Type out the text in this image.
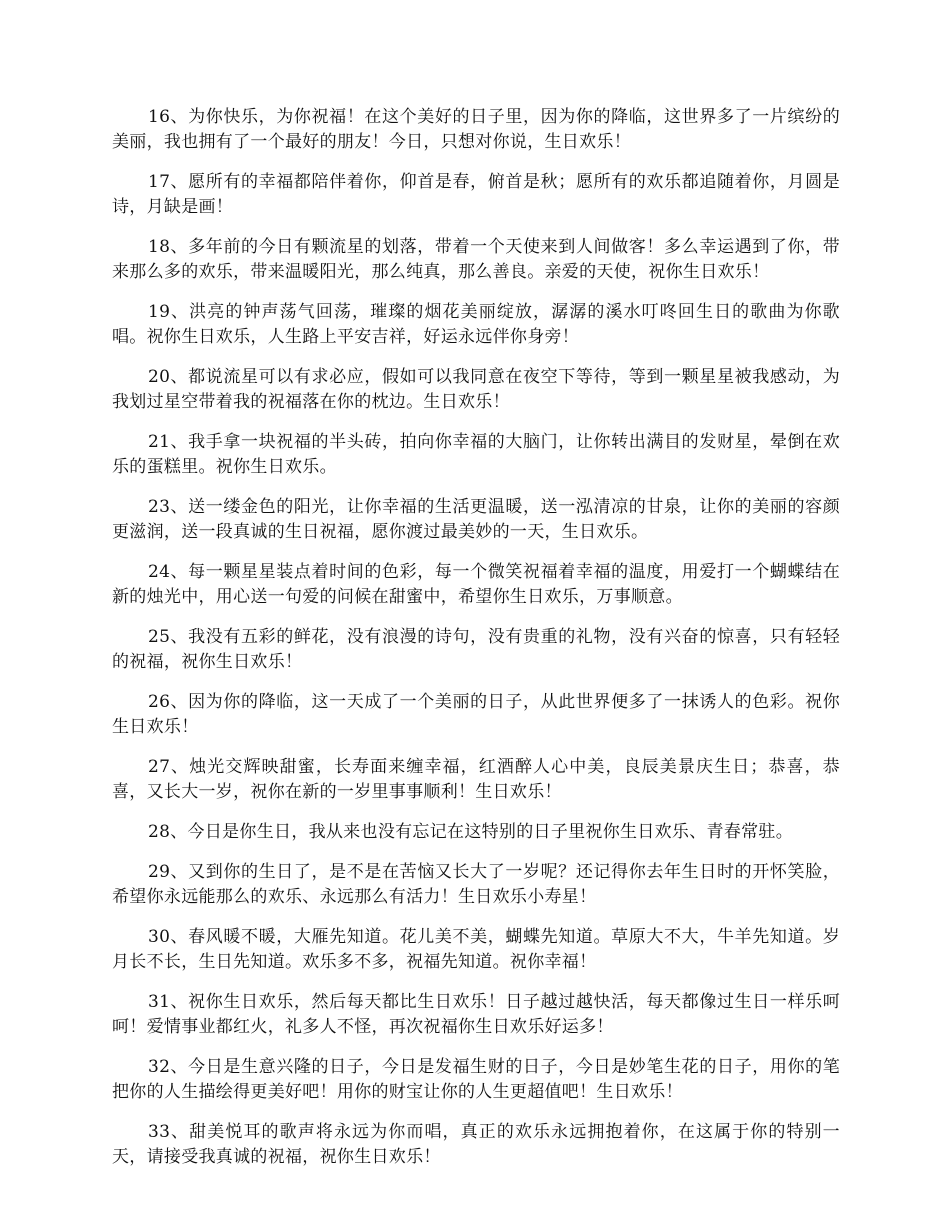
16、为你快乐，为你祝福！在这个美好的日子里，因为你的降临，这世界多了一片缤纷的美丽，我也拥有了一个最好的朋友！今日，只想对你说，生日欢乐！

17、愿所有的幸福都陪伴着你，仰首是春，俯首是秋；愿所有的欢乐都追随着你，月圆是诗，月缺是画！

18、多年前的今日有颗流星的划落，带着一个天使来到人间做客！多么幸运遇到了你，带来那么多的欢乐，带来温暖阳光，那么纯真，那么善良。亲爱的天使，祝你生日欢乐！

19、洪亮的钟声荡气回荡，璀璨的烟花美丽绽放，潺潺的溪水叮咚回生日的歌曲为你歌唱。祝你生日欢乐，人生路上平安吉祥，好运永远伴你身旁！

20、都说流星可以有求必应，假如可以我同意在夜空下等待，等到一颗星星被我感动，为我划过星空带着我的祝福落在你的枕边。生日欢乐！

21、我手拿一块祝福的半头砖，拍向你幸福的大脑门，让你转出满目的发财星，晕倒在欢乐的蛋糕里。祝你生日欢乐。

23、送一缕金色的阳光，让你幸福的生活更温暖，送一泓清凉的甘泉，让你的美丽的容颜更滋润，送一段真诚的生日祝福，愿你渡过最美妙的一天，生日欢乐。

24、每一颗星星装点着时间的色彩，每一个微笑祝福着幸福的温度，用爱打一个蝴蝶结在新的烛光中，用心送一句爱的问候在甜蜜中，希望你生日欢乐，万事顺意。

25、我没有五彩的鲜花，没有浪漫的诗句，没有贵重的礼物，没有兴奋的惊喜，只有轻轻的祝福，祝你生日欢乐！

26、因为你的降临，这一天成了一个美丽的日子，从此世界便多了一抹诱人的色彩。祝你生日欢乐！

27、烛光交辉映甜蜜，长寿面来缠幸福，红酒醉人心中美，良辰美景庆生日；恭喜，恭喜，又长大一岁，祝你在新的一岁里事事顺利！生日欢乐！

28、今日是你生日，我从来也没有忘记在这特别的日子里祝你生日欢乐、青春常驻。

29、又到你的生日了，是不是在苦恼又长大了一岁呢？还记得你去年生日时的开怀笑脸，希望你永远能那么的欢乐、永远那么有活力！生日欢乐小寿星！

30、春风暖不暖，大雁先知道。花儿美不美，蝴蝶先知道。草原大不大，牛羊先知道。岁月长不长，生日先知道。欢乐多不多，祝福先知道。祝你幸福！

31、祝你生日欢乐，然后每天都比生日欢乐！日子越过越快活，每天都像过生日一样乐呵呵！爱情事业都红火，礼多人不怪，再次祝福你生日欢乐好运多！

32、今日是生意兴隆的日子，今日是发福生财的日子，今日是妙笔生花的日子，用你的笔把你的人生描绘得更美好吧！用你的财宝让你的人生更超值吧！生日欢乐！

33、甜美悦耳的歌声将永远为你而唱，真正的欢乐永远拥抱着你，在这属于你的特别一天，请接受我真诚的祝福，祝你生日欢乐！
